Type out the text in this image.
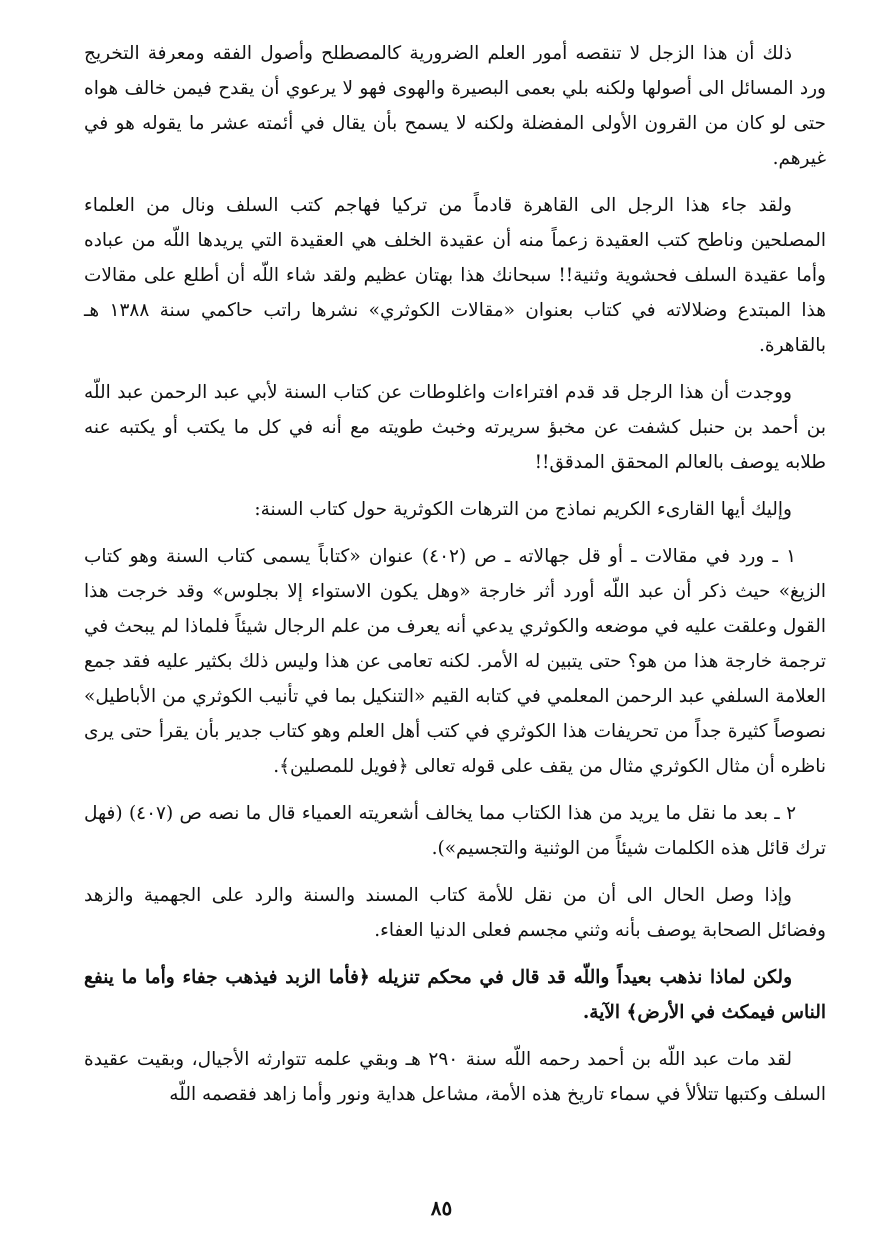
ذلك أن هذا الزجل لا تنقصه أمور العلم الضرورية كالمصطلح وأصول الفقه ومعرفة التخريج ورد المسائل الى أصولها ولكنه بلي بعمى البصيرة والهوى فهو لا يرعوي أن يقدح فيمن خالف هواه حتى لو كان من القرون الأولى المفضلة ولكنه لا يسمح بأن يقال في أئمته عشر ما يقوله هو في غيرهم.

ولقد جاء هذا الرجل الى القاهرة قادماً من تركيا فهاجم كتب السلف ونال من العلماء المصلحين وناطح كتب العقيدة زعماً منه أن عقيدة الخلف هي العقيدة التي يريدها اللّه من عباده وأما عقيدة السلف فحشوية وثنية!! سبحانك هذا بهتان عظيم ولقد شاء اللّه أن أطلع على مقالات هذا المبتدع وضلالاته في كتاب بعنوان «مقالات الكوثري» نشرها راتب حاكمي سنة ١٣٨٨ هـ بالقاهرة.

ووجدت أن هذا الرجل قد قدم افتراءات واغلوطات عن كتاب السنة لأبي عبد الرحمن عبد اللّه بن أحمد بن حنبل كشفت عن مخبؤ سريرته وخبث طويته مع أنه في كل ما يكتب أو يكتبه عنه طلابه يوصف بالعالم المحقق المدقق!!

وإليك أيها القارىء الكريم نماذج من الترهات الكوثرية حول كتاب السنة:

١ ـ ورد في مقالات ـ أو قل جهالاته ـ ص (٤٠٢) عنوان «كتاباً يسمى كتاب السنة وهو كتاب الزيغ» حيث ذكر أن عبد اللّه أورد أثر خارجة «وهل يكون الاستواء إلا بجلوس» وقد خرجت هذا القول وعلقت عليه في موضعه والكوثري يدعي أنه يعرف من علم الرجال شيئاً فلماذا لم يبحث في ترجمة خارجة هذا من هو؟ حتى يتبين له الأمر. لكنه تعامى عن هذا وليس ذلك بكثير عليه فقد جمع العلامة السلفي عبد الرحمن المعلمي في كتابه القيم «التنكيل بما في تأنيب الكوثري من الأباطيل» نصوصاً كثيرة جداً من تحريفات هذا الكوثري في كتب أهل العلم وهو كتاب جدير بأن يقرأ حتى يرى ناظره أن مثال الكوثري مثال من يقف على قوله تعالى ﴿فويل للمصلين﴾.

٢ ـ بعد ما نقل ما يريد من هذا الكتاب مما يخالف أشعريته العمياء قال ما نصه ص (٤٠٧) (فهل ترك قائل هذه الكلمات شيئاً من الوثنية والتجسيم»).

وإذا وصل الحال الى أن من نقل للأمة كتاب المسند والسنة والرد على الجهمية والزهد وفضائل الصحابة يوصف بأنه وثني مجسم فعلى الدنيا العفاء.

ولكن لماذا نذهب بعيداً واللّه قد قال في محكم تنزيله ﴿فأما الزبد فيذهب جفاء وأما ما ينفع الناس فيمكث في الأرض﴾ الآية.

لقد مات عبد اللّه بن أحمد رحمه اللّه سنة ٢٩٠ هـ وبقي علمه تتوارثه الأجيال، وبقيت عقيدة السلف وكتبها تتلألأ في سماء تاريخ هذه الأمة، مشاعل هداية ونور وأما زاهد فقصمه اللّه

٨٥
